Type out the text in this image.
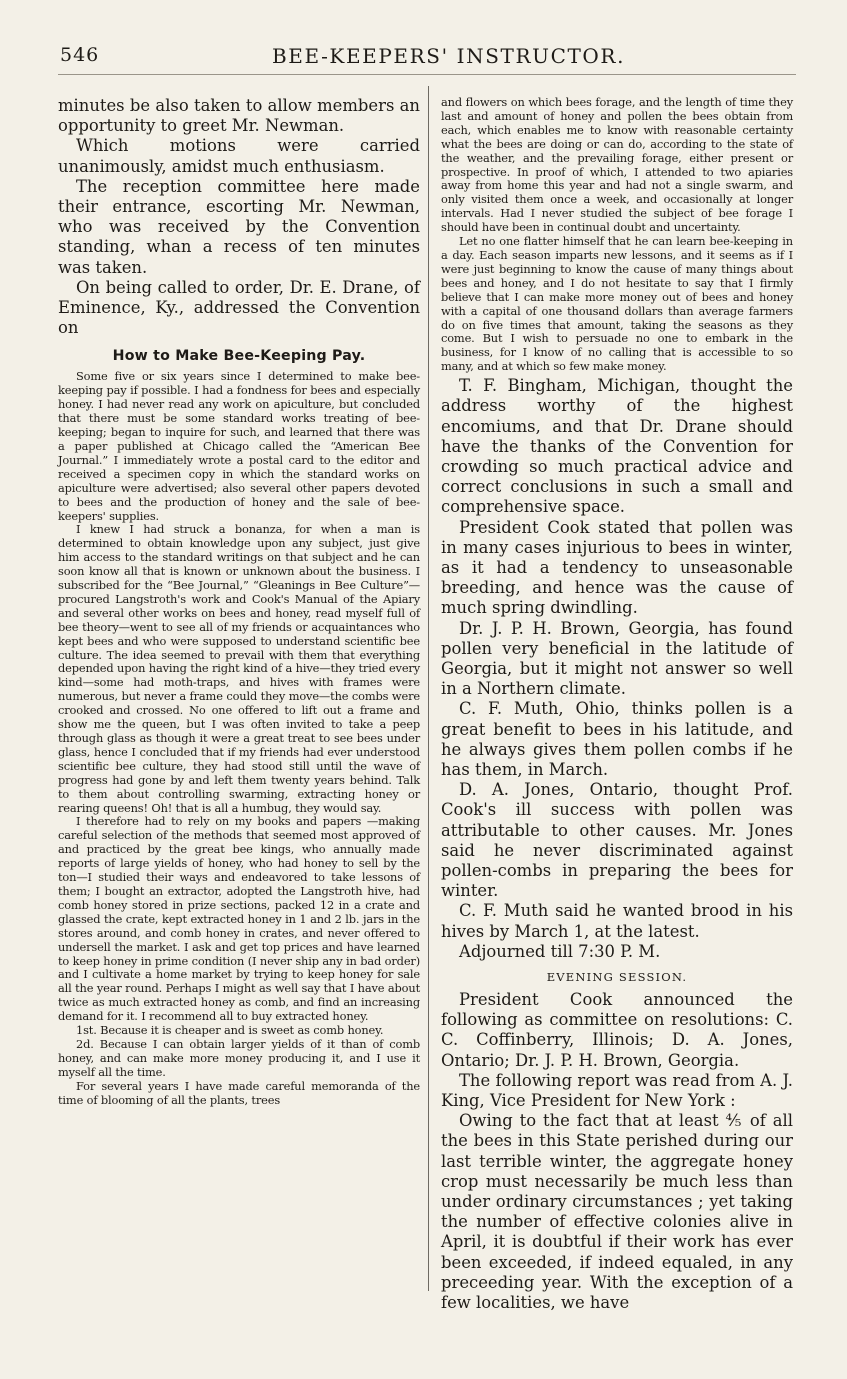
546	BEE-KEEPERS' INSTRUCTOR.

minutes be also taken to allow members an opportunity to greet Mr. Newman.

Which motions were carried unanimously, amidst much enthusiasm.

The reception committee here made their entrance, escorting Mr. Newman, who was received by the Convention standing, whan a recess of ten minutes was taken.

On being called to order, Dr. E. Drane, of Eminence, Ky., addressed the Convention on

How to Make Bee-Keeping Pay.

Some five or six years since I determined to make bee-keeping pay if possible. I had a fondness for bees and especially honey. I had never read any work on apiculture, but concluded that there must be some standard works treating of bee-keeping; began to inquire for such, and learned that there was a paper published at Chicago called the “American Bee Journal.” I immediately wrote a postal card to the editor and received a specimen copy in which the standard works on apiculture were advertised; also several other papers devoted to bees and the production of honey and the sale of bee-keepers' supplies.

I knew I had struck a bonanza, for when a man is determined to obtain knowledge upon any subject, just give him access to the standard writings on that subject and he can soon know all that is known or unknown about the business. I subscribed for the “Bee Journal,” “Gleanings in Bee Culture”—procured Langstroth's work and Cook's Manual of the Apiary and several other works on bees and honey, read myself full of bee theory—went to see all of my friends or acquaintances who kept bees and who were supposed to understand scientific bee culture. The idea seemed to prevail with them that everything depended upon having the right kind of a hive—they tried every kind—some had moth-traps, and hives with frames were numerous, but never a frame could they move—the combs were crooked and crossed. No one offered to lift out a frame and show me the queen, but I was often invited to take a peep through glass as though it were a great treat to see bees under glass, hence I concluded that if my friends had ever understood scientific bee culture, they had stood still until the wave of progress had gone by and left them twenty years behind. Talk to them about controlling swarming, extracting honey or rearing queens! Oh! that is all a humbug, they would say.

I therefore had to rely on my books and papers —making careful selection of the methods that seemed most approved of and practiced by the great bee kings, who annually made reports of large yields of honey, who had honey to sell by the ton—I studied their ways and endeavored to take lessons of them; I bought an extractor, adopted the Langstroth hive, had comb honey stored in prize sections, packed 12 in a crate and glassed the crate, kept extracted honey in 1 and 2 lb. jars in the stores around, and comb honey in crates, and never offered to undersell the market. I ask and get top prices and have learned to keep honey in prime condition (I never ship any in bad order) and I cultivate a home market by trying to keep honey for sale all the year round. Perhaps I might as well say that I have about twice as much extracted honey as comb, and find an increasing demand for it. I recommend all to buy extracted honey.

1st. Because it is cheaper and is sweet as comb honey.

2d. Because I can obtain larger yields of it than of comb honey, and can make more money producing it, and I use it myself all the time.

For several years I have made careful memoranda of the time of blooming of all the plants, trees

and flowers on which bees forage, and the length of time they last and amount of honey and pollen the bees obtain from each, which enables me to know with reasonable certainty what the bees are doing or can do, according to the state of the weather, and the prevailing forage, either present or prospective. In proof of which, I attended to two apiaries away from home this year and had not a single swarm, and only visited them once a week, and occasionally at longer intervals. Had I never studied the subject of bee forage I should have been in continual doubt and uncertainty.

Let no one flatter himself that he can learn bee-keeping in a day. Each season imparts new lessons, and it seems as if I were just beginning to know the cause of many things about bees and honey, and I do not hesitate to say that I firmly believe that I can make more money out of bees and honey with a capital of one thousand dollars than average farmers do on five times that amount, taking the seasons as they come. But I wish to persuade no one to embark in the business, for I know of no calling that is accessible to so many, and at which so few make money.

T. F. Bingham, Michigan, thought the address worthy of the highest encomiums, and that Dr. Drane should have the thanks of the Convention for crowding so much practical advice and correct conclusions in such a small and comprehensive space.

President Cook stated that pollen was in many cases injurious to bees in winter, as it had a tendency to unseasonable breeding, and hence was the cause of much spring dwindling.

Dr. J. P. H. Brown, Georgia, has found pollen very beneficial in the latitude of Georgia, but it might not answer so well in a Northern climate.

C. F. Muth, Ohio, thinks pollen is a great benefit to bees in his latitude, and he always gives them pollen combs if he has them, in March.

D. A. Jones, Ontario, thought Prof. Cook's ill success with pollen was attributable to other causes. Mr. Jones said he never discriminated against pollen-combs in preparing the bees for winter.

C. F. Muth said he wanted brood in his hives by March 1, at the latest.

Adjourned till 7:30 P. M.

EVENING SESSION.

President Cook announced the following as committee on resolutions: C. C. Coffinberry, Illinois; D. A. Jones, Ontario; Dr. J. P. H. Brown, Georgia.

The following report was read from A. J. King, Vice President for New York :

Owing to the fact that at least ⅘ of all the bees in this State perished during our last terrible winter, the aggregate honey crop must necessarily be much less than under ordinary circumstances ; yet taking the number of effective colonies alive in April, it is doubtful if their work has ever been exceeded, if indeed equaled, in any preceeding year. With the exception of a few localities, we have
